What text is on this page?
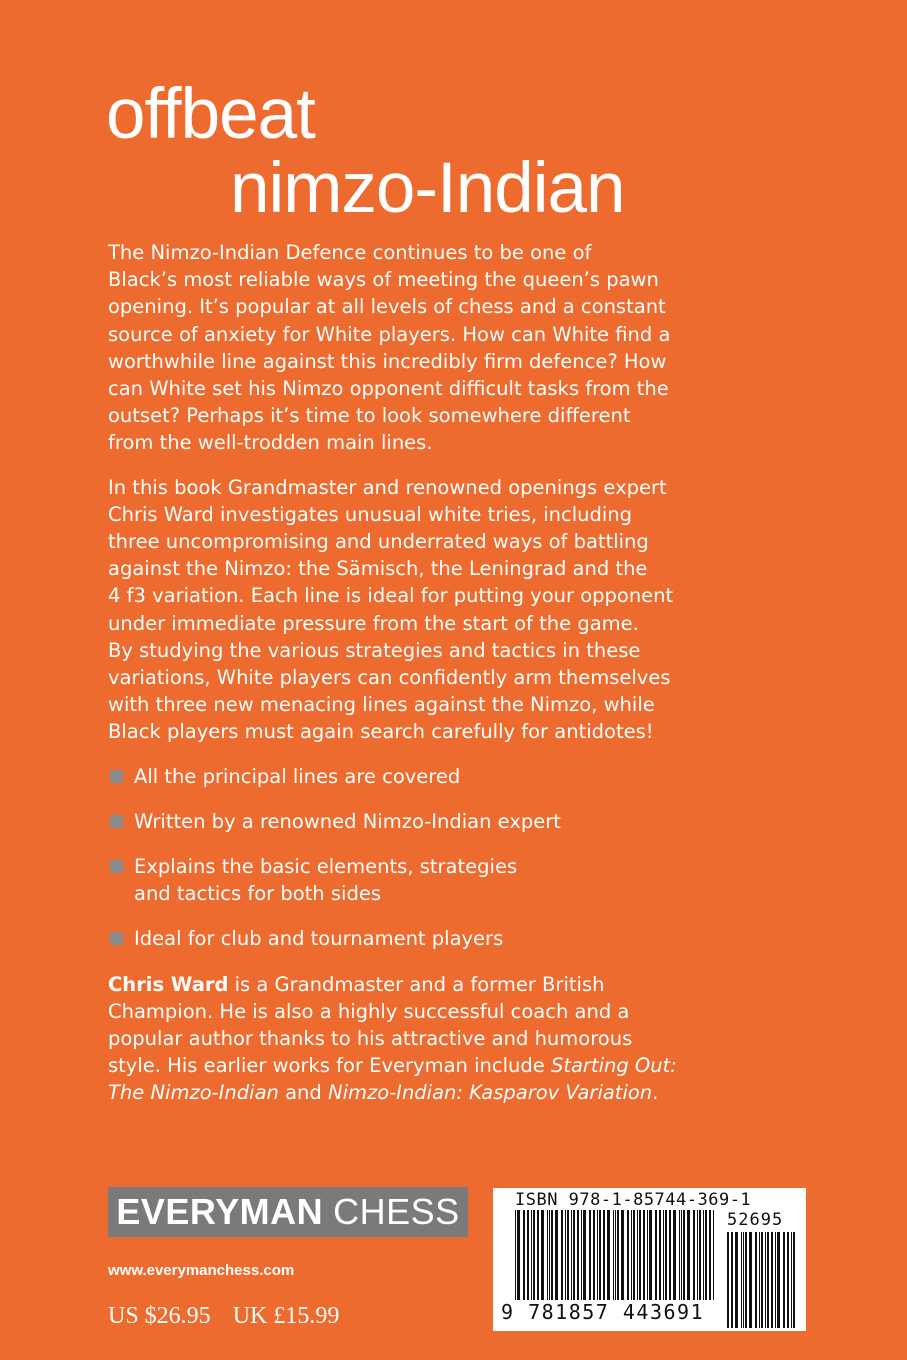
offbeat
nimzo-Indian

The Nimzo-Indian Defence continues to be one of
Black’s most reliable ways of meeting the queen’s pawn
opening. It’s popular at all levels of chess and a constant
source of anxiety for White players. How can White find a
worthwhile line against this incredibly firm defence? How
can White set his Nimzo opponent difficult tasks from the
outset? Perhaps it’s time to look somewhere different
from the well-trodden main lines.

In this book Grandmaster and renowned openings expert
Chris Ward investigates unusual white tries, including
three uncompromising and underrated ways of battling
against the Nimzo: the Sämisch, the Leningrad and the
4 f3 variation. Each line is ideal for putting your opponent
under immediate pressure from the start of the game.
By studying the various strategies and tactics in these
variations, White players can confidently arm themselves
with three new menacing lines against the Nimzo, while
Black players must again search carefully for antidotes!

All the principal lines are covered
Written by a renowned Nimzo-Indian expert
Explains the basic elements, strategies
and tactics for both sides
Ideal for club and tournament players

Chris Ward is a Grandmaster and a former British
Champion. He is also a highly successful coach and a
popular author thanks to his attractive and humorous
style. His earlier works for Everyman include Starting Out:
The Nimzo-Indian and Nimzo-Indian: Kasparov Variation.

EVERYMAN CHESS
www.everymanchess.com
US $26.95 UK £15.99
ISBN 978-1-85744-369-1
52695
9 781857 443691
